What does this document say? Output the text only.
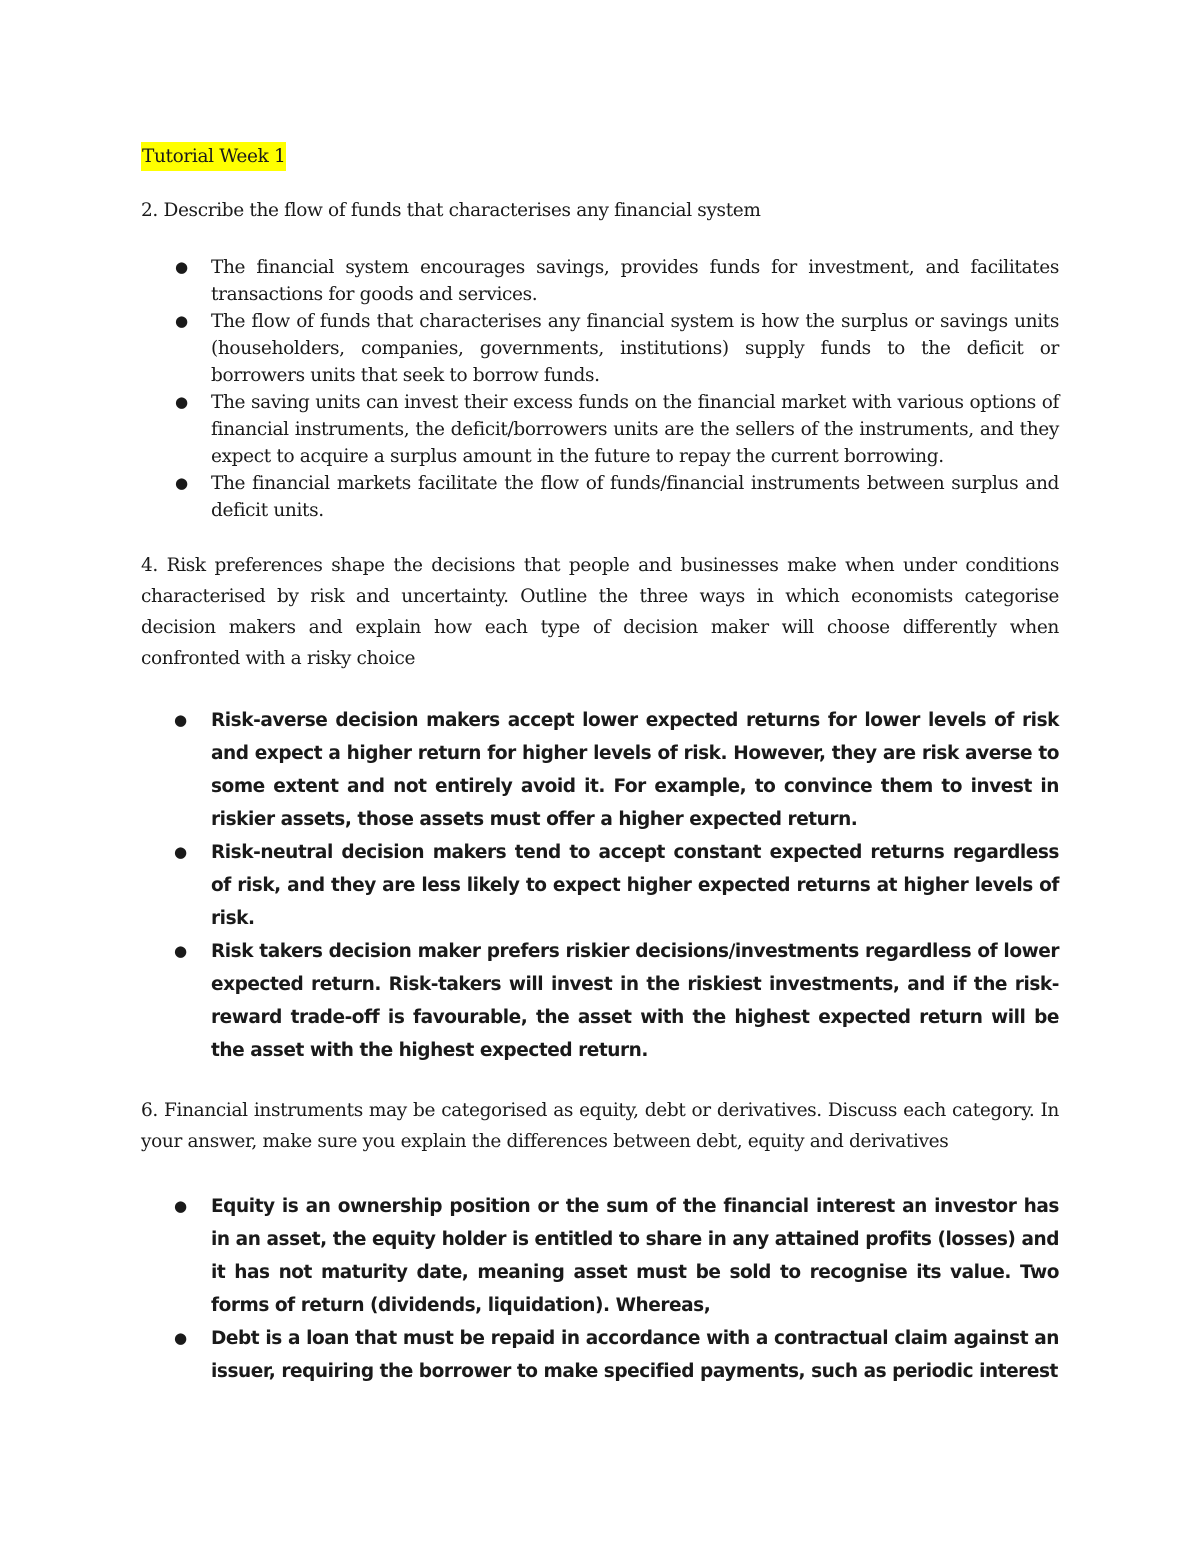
Tutorial Week 1

2. Describe the flow of funds that characterises any financial system

● The financial system encourages savings, provides funds for investment, and facilitates transactions for goods and services.
● The flow of funds that characterises any financial system is how the surplus or savings units (householders, companies, governments, institutions) supply funds to the deficit or borrowers units that seek to borrow funds.
● The saving units can invest their excess funds on the financial market with various options of financial instruments, the deficit/borrowers units are the sellers of the instruments, and they expect to acquire a surplus amount in the future to repay the current borrowing.
● The financial markets facilitate the flow of funds/financial instruments between surplus and deficit units.

4. Risk preferences shape the decisions that people and businesses make when under conditions characterised by risk and uncertainty. Outline the three ways in which economists categorise decision makers and explain how each type of decision maker will choose differently when confronted with a risky choice

● Risk-averse decision makers accept lower expected returns for lower levels of risk and expect a higher return for higher levels of risk. However, they are risk averse to some extent and not entirely avoid it. For example, to convince them to invest in riskier assets, those assets must offer a higher expected return.
● Risk-neutral decision makers tend to accept constant expected returns regardless of risk, and they are less likely to expect higher expected returns at higher levels of risk.
● Risk takers decision maker prefers riskier decisions/investments regardless of lower expected return. Risk-takers will invest in the riskiest investments, and if the risk-reward trade-off is favourable, the asset with the highest expected return will be the asset with the highest expected return.

6. Financial instruments may be categorised as equity, debt or derivatives. Discuss each category. In your answer, make sure you explain the differences between debt, equity and derivatives

● Equity is an ownership position or the sum of the financial interest an investor has in an asset, the equity holder is entitled to share in any attained profits (losses) and it has not maturity date, meaning asset must be sold to recognise its value. Two forms of return (dividends, liquidation). Whereas,
● Debt is a loan that must be repaid in accordance with a contractual claim against an issuer, requiring the borrower to make specified payments, such as periodic interest
